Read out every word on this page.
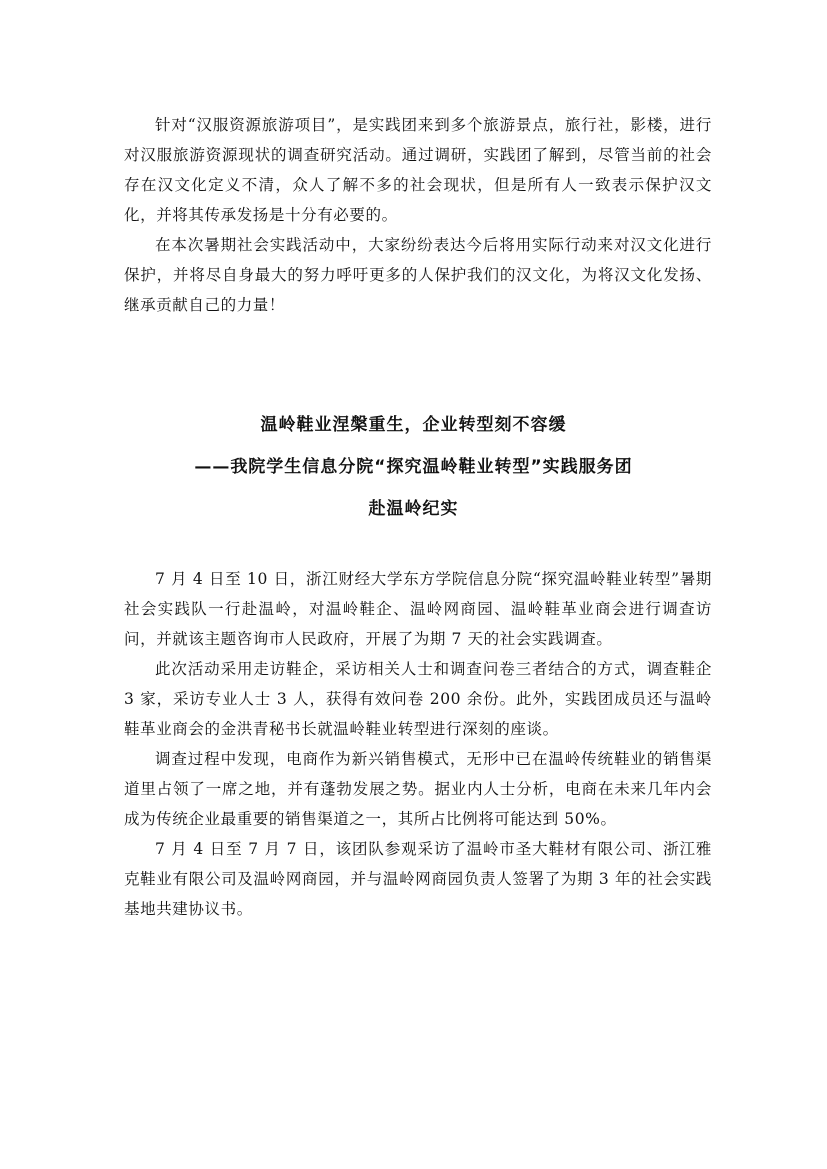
针对“汉服资源旅游项目”，是实践团来到多个旅游景点，旅行社，影楼，进行对汉服旅游资源现状的调查研究活动。通过调研，实践团了解到，尽管当前的社会存在汉文化定义不清，众人了解不多的社会现状，但是所有人一致表示保护汉文化，并将其传承发扬是十分有必要的。

在本次暑期社会实践活动中，大家纷纷表达今后将用实际行动来对汉文化进行保护，并将尽自身最大的努力呼吁更多的人保护我们的汉文化，为将汉文化发扬、继承贡献自己的力量！

温岭鞋业涅槃重生，企业转型刻不容缓

——我院学生信息分院“探究温岭鞋业转型”实践服务团

赴温岭纪实

7 月 4 日至 10 日，浙江财经大学东方学院信息分院“探究温岭鞋业转型”暑期社会实践队一行赴温岭，对温岭鞋企、温岭网商园、温岭鞋革业商会进行调查访问，并就该主题咨询市人民政府，开展了为期 7 天的社会实践调查。

此次活动采用走访鞋企，采访相关人士和调查问卷三者结合的方式，调查鞋企 3 家，采访专业人士 3 人，获得有效问卷 200 余份。此外，实践团成员还与温岭鞋革业商会的金洪青秘书长就温岭鞋业转型进行深刻的座谈。

调查过程中发现，电商作为新兴销售模式，无形中已在温岭传统鞋业的销售渠道里占领了一席之地，并有蓬勃发展之势。据业内人士分析，电商在未来几年内会成为传统企业最重要的销售渠道之一，其所占比例将可能达到 50%。

7 月 4 日至 7 月 7 日，该团队参观采访了温岭市圣大鞋材有限公司、浙江雅克鞋业有限公司及温岭网商园，并与温岭网商园负责人签署了为期 3 年的社会实践基地共建协议书。
